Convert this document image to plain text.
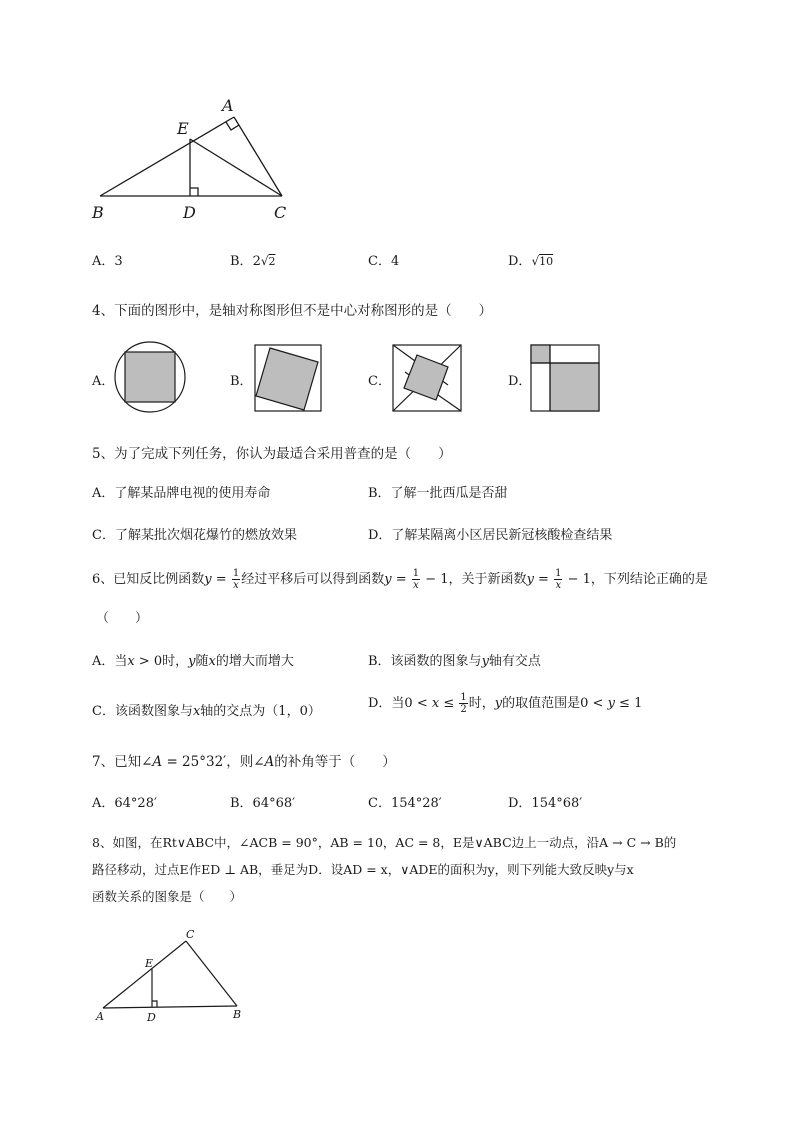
A
E
B	D	C
C
E
A	D	B
A．3	B．2√2	C．4	D．√10
4、下面的图形中，是轴对称图形但不是中心对称图形的是（　　）
A．	B．	C．	D．
5、为了完成下列任务，你认为最适合采用普查的是（　　）
A．了解某品牌电视的使用寿命	B．了解一批西瓜是否甜
C．了解某批次烟花爆竹的燃放效果	D．了解某隔离小区居民新冠核酸检查结果
6、已知反比例函数$y = \frac{1}{x}$ 经过平移后可以得到函数$y = \frac{1}{x} - 1$，关于新函数$y = \frac{1}{x} - 1$，下列结论正确的是
（　　）
A．当x > 0时，y随x的增大而增大	B．该函数的图象与y轴有交点
C．该函数图象与x轴的交点为（1，0）
D．当$0 < x \le \frac{1}{2}$ 时，y的取值范围是0 < y ≤ 1
7、已知∠A = 25°32′，则∠A的补角等于（　　）
A．64°28′	B．64°68′	C．154°28′	D．154°68′
8、如图，在Rt∨ABC中，∠ACB = 90°，AB = 10，AC = 8，E是∨ABC边上一动点，沿A → C → B的
路径移动，过点E作ED ⊥ AB，垂足为D．设AD = x，∨ADE的面积为y，则下列能大致反映y与x
函数关系的图象是（　　）
